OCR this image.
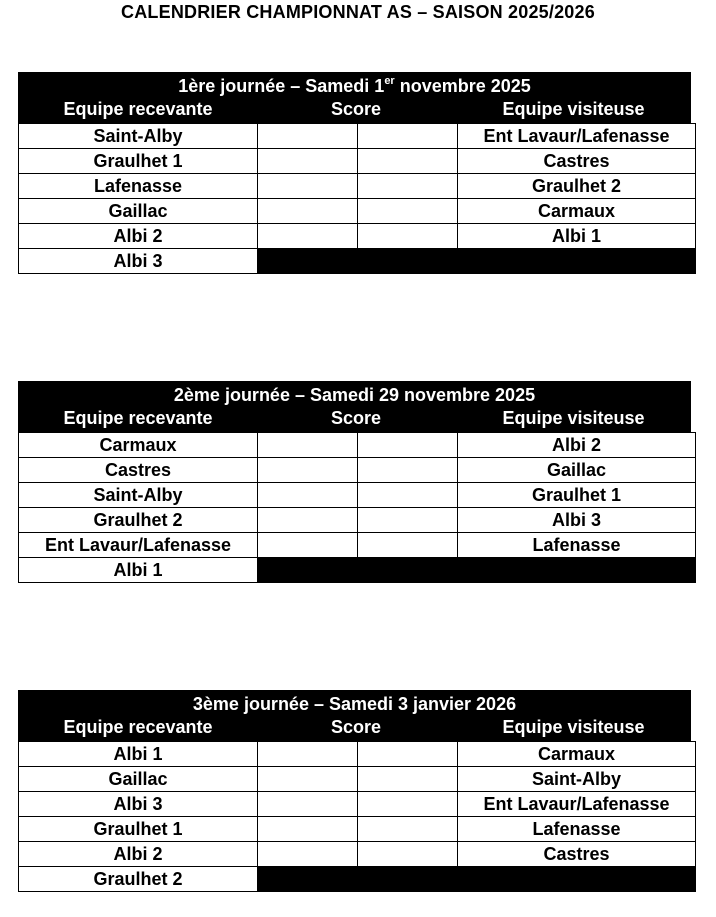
CALENDRIER CHAMPIONNAT AS – SAISON 2025/2026
1ère journée – Samedi 1er novembre 2025
Equipe recevante	Score	Equipe visiteuse
Saint-Alby			Ent Lavaur/Lafenasse
Graulhet 1			Castres
Lafenasse			Graulhet 2
Gaillac			Carmaux
Albi 2			Albi 1
Albi 3			
2ème journée – Samedi 29 novembre 2025
Equipe recevante	Score	Equipe visiteuse
Carmaux			Albi 2
Castres			Gaillac
Saint-Alby			Graulhet 1
Graulhet 2			Albi 3
Ent Lavaur/Lafenasse			Lafenasse
Albi 1			
3ème journée – Samedi 3 janvier 2026
Equipe recevante	Score	Equipe visiteuse
Albi 1			Carmaux
Gaillac			Saint-Alby
Albi 3			Ent Lavaur/Lafenasse
Graulhet 1			Lafenasse
Albi 2			Castres
Graulhet 2			
